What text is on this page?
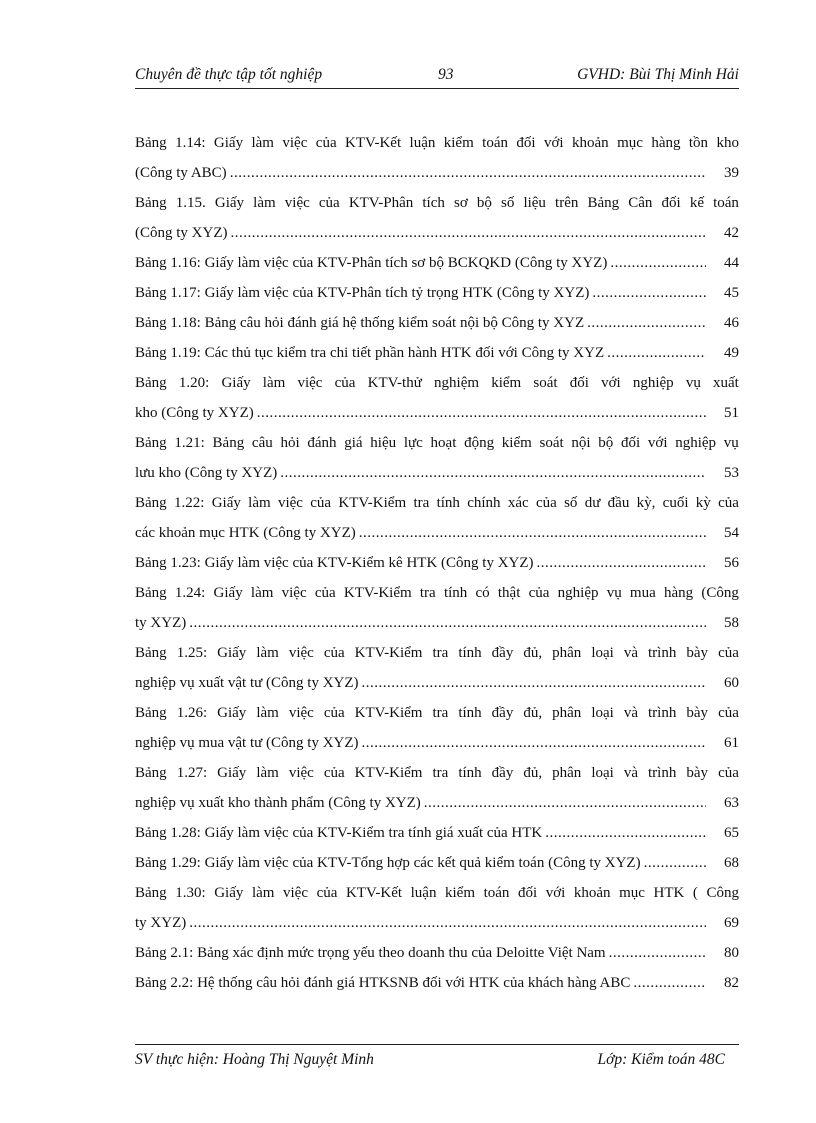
Chuyên đề thực tập tốt nghiệp	93	GVHD: Bùi Thị Minh Hải
Bảng 1.14: Giấy làm việc của KTV-Kết luận kiểm toán đối với khoản mục hàng tồn kho
(Công ty ABC) .....	39
Bảng 1.15. Giấy làm việc của KTV-Phân tích sơ bộ số liệu trên Bảng Cân đối kế toán
(Công ty XYZ) .....	42
Bảng 1.16: Giấy làm việc của KTV-Phân tích sơ bộ BCKQKD (Công ty XYZ) .....	44
Bảng 1.17: Giấy làm việc của KTV-Phân tích tỷ trọng HTK (Công ty XYZ) .....	45
Bảng 1.18: Bảng câu hỏi đánh giá hệ thống kiểm soát nội bộ Công ty XYZ .....	46
Bảng 1.19: Các thủ tục kiểm tra chi tiết phần hành HTK đối với Công ty XYZ .....	49
Bảng 1.20: Giấy làm việc của KTV-thử nghiệm kiểm soát đối với nghiệp vụ xuất
kho (Công ty XYZ) .....	51
Bảng 1.21: Bảng câu hỏi đánh giá hiệu lực hoạt động kiểm soát nội bộ đối với nghiệp vụ
lưu kho (Công ty XYZ) .....	53
Bảng 1.22: Giấy làm việc của KTV-Kiểm tra tính chính xác của số dư đầu kỳ, cuối kỳ của
các khoản mục HTK (Công ty XYZ) .....	54
Bảng 1.23: Giấy làm việc của KTV-Kiểm kê HTK (Công ty XYZ) .....	56
Bảng 1.24: Giấy làm việc của KTV-Kiểm tra tính có thật của nghiệp vụ mua hàng (Công
ty XYZ) .....	58
Bảng 1.25: Giấy làm việc của KTV-Kiểm tra tính đầy đủ, phân loại và trình bày của
nghiệp vụ xuất vật tư (Công ty XYZ) .....	60
Bảng 1.26: Giấy làm việc của KTV-Kiểm tra tính đầy đủ, phân loại và trình bày của
nghiệp vụ mua vật tư (Công ty XYZ) .....	61
Bảng 1.27: Giấy làm việc của KTV-Kiểm tra tính đầy đủ, phân loại và trình bày của
nghiệp vụ xuất kho thành phẩm (Công ty XYZ) .....	63
Bảng 1.28: Giấy làm việc của KTV-Kiểm tra tính giá xuất của HTK .....	65
Bảng 1.29: Giấy làm việc của KTV-Tổng hợp các kết quả kiểm toán (Công ty XYZ) .....	68
Bảng 1.30: Giấy làm việc của KTV-Kết luận kiểm toán đối với khoản mục HTK ( Công
ty XYZ) .....	69
Bảng 2.1: Bảng xác định mức trọng yếu theo doanh thu của Deloitte Việt Nam .....	80
Bảng 2.2: Hệ thống câu hỏi đánh giá HTKSNB đối với HTK của khách hàng ABC .....	82
SV thực hiện: Hoàng Thị Nguyệt Minh	Lớp: Kiểm toán 48C
